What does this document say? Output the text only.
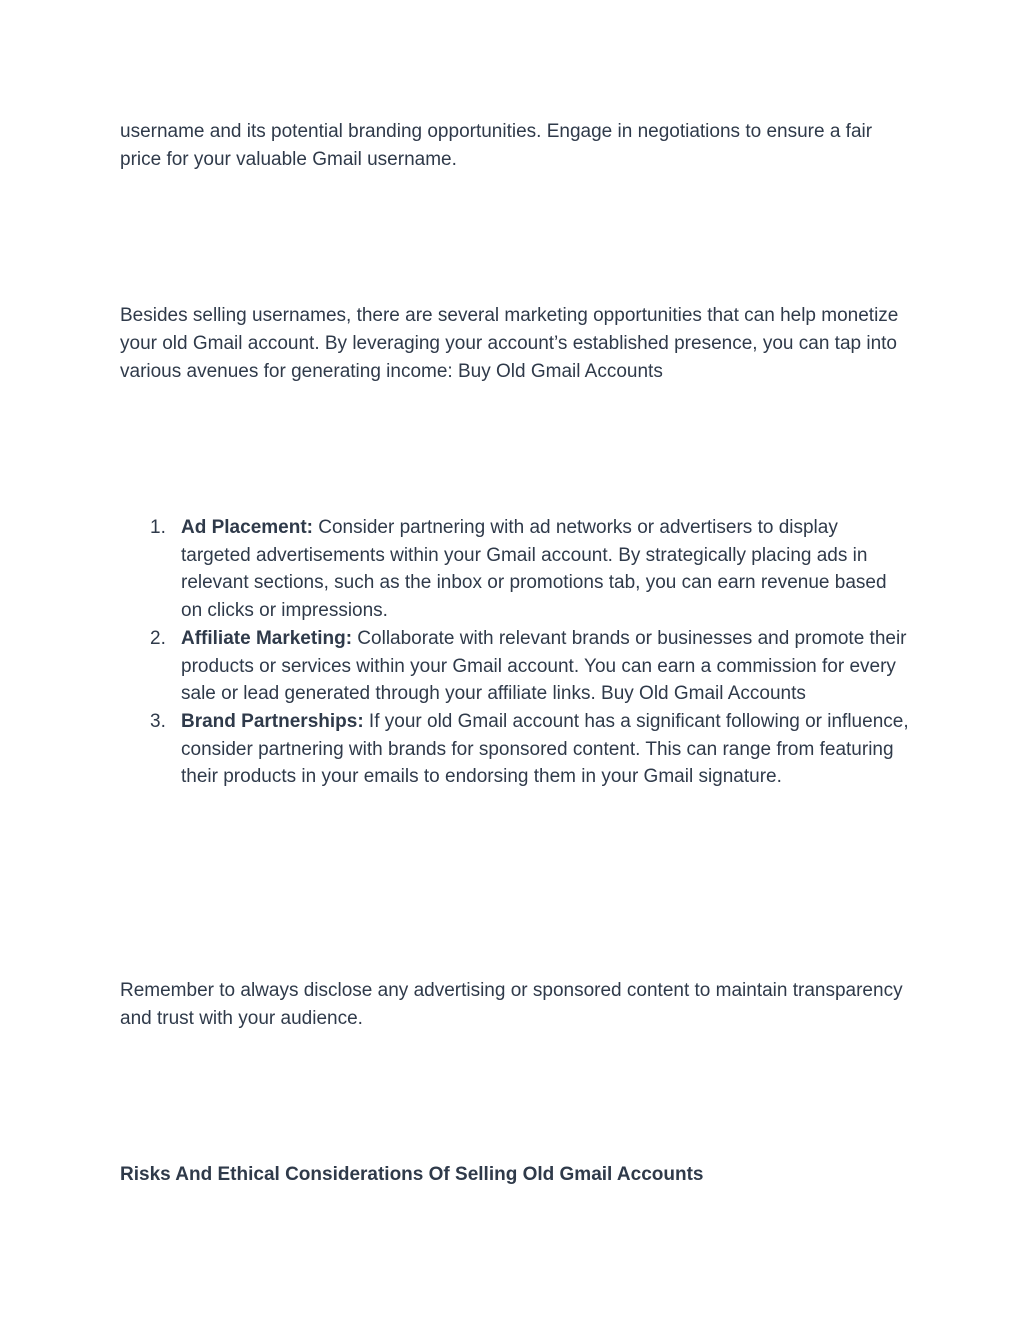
username and its potential branding opportunities. Engage in negotiations to ensure a fair price for your valuable Gmail username.

Besides selling usernames, there are several marketing opportunities that can help monetize your old Gmail account. By leveraging your account’s established presence, you can tap into various avenues for generating income: Buy Old Gmail Accounts

1. Ad Placement: Consider partnering with ad networks or advertisers to display targeted advertisements within your Gmail account. By strategically placing ads in relevant sections, such as the inbox or promotions tab, you can earn revenue based on clicks or impressions.
2. Affiliate Marketing: Collaborate with relevant brands or businesses and promote their products or services within your Gmail account. You can earn a commission for every sale or lead generated through your affiliate links. Buy Old Gmail Accounts
3. Brand Partnerships: If your old Gmail account has a significant following or influence, consider partnering with brands for sponsored content. This can range from featuring their products in your emails to endorsing them in your Gmail signature.

Remember to always disclose any advertising or sponsored content to maintain transparency and trust with your audience.

Risks And Ethical Considerations Of Selling Old Gmail Accounts
